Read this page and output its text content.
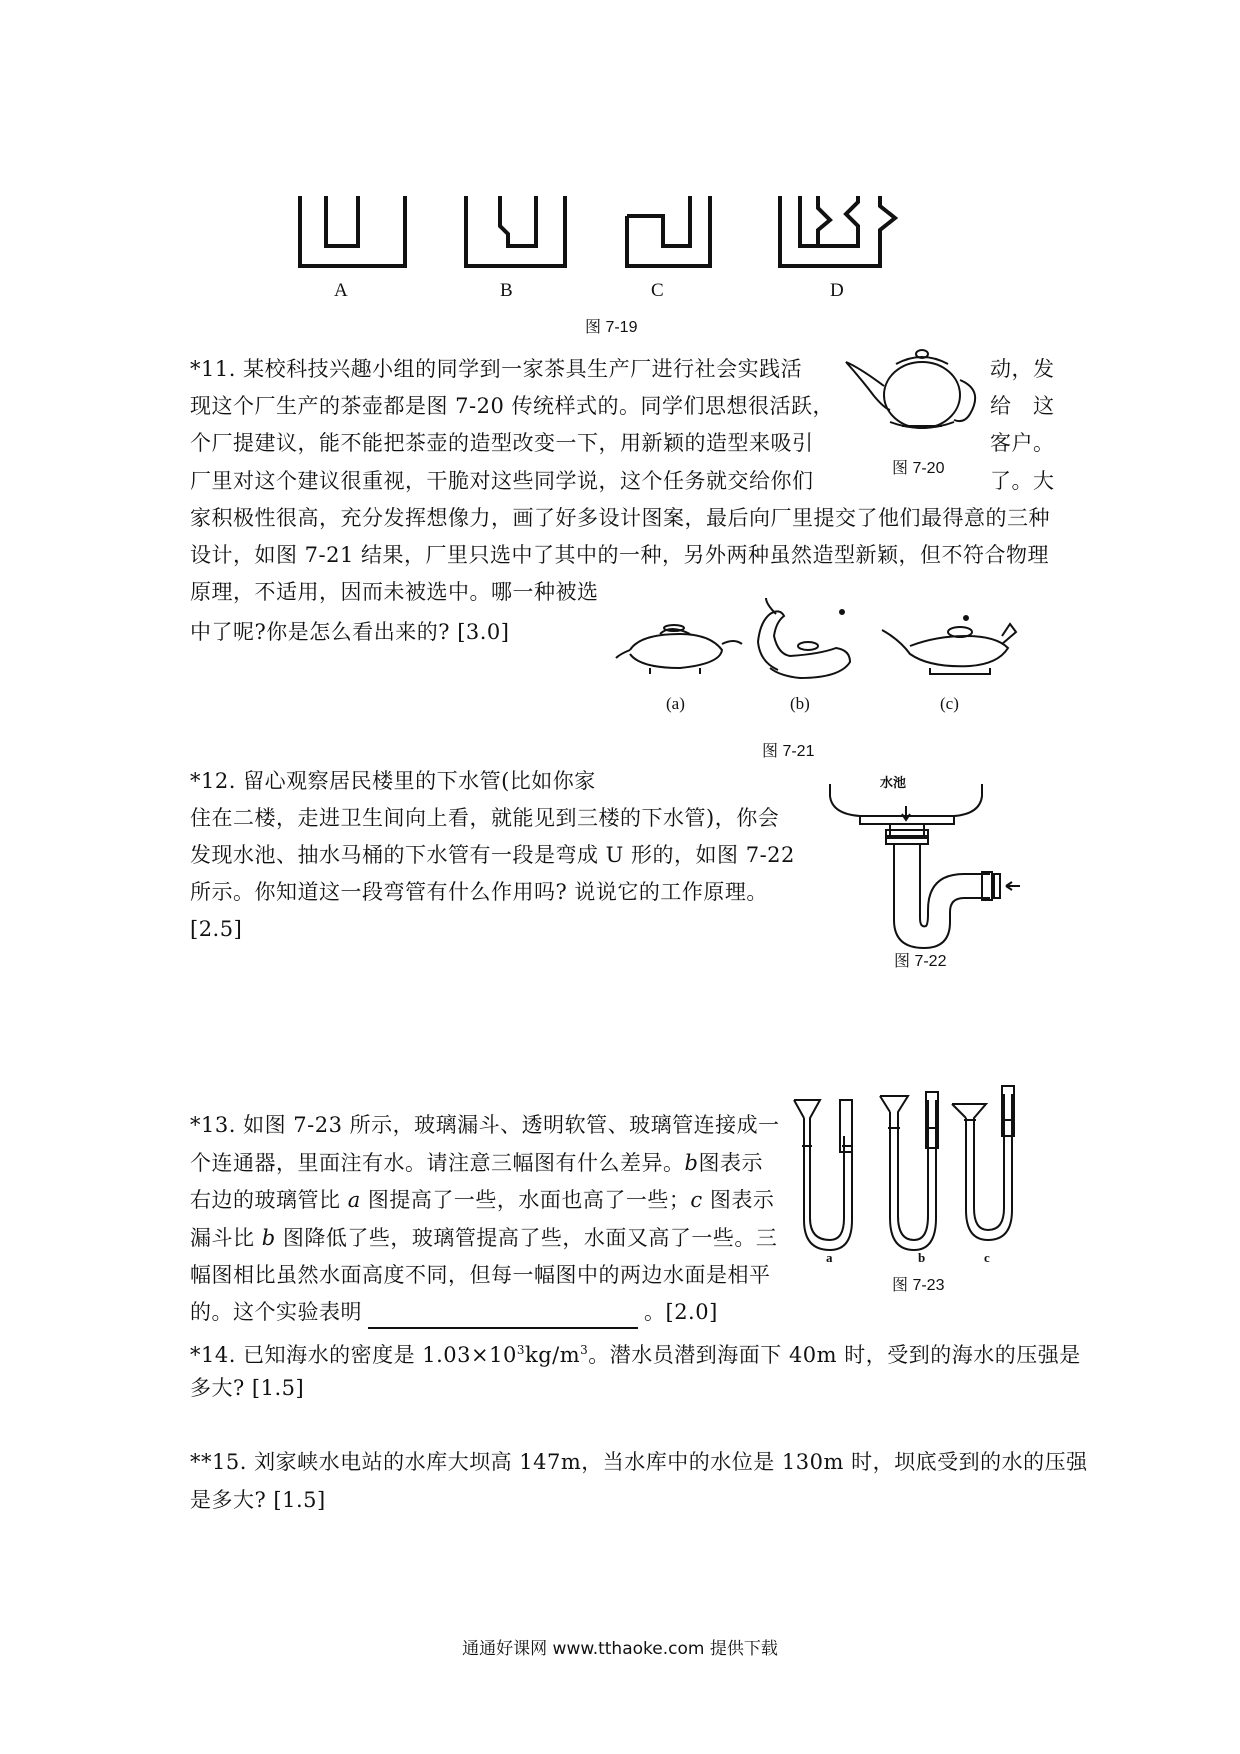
A	B	C	D
图 7-19
*11. 某校科技兴趣小组的同学到一家茶具生产厂进行社会实践活
现这个厂生产的茶壶都是图 7-20 传统样式的。同学们思想很活跃，
个厂提建议，能不能把茶壶的造型改变一下，用新颖的造型来吸引
厂里对这个建议很重视，干脆对这些同学说，这个任务就交给你们
家积极性很高，充分发挥想像力，画了好多设计图案，最后向厂里提交了他们最得意的三种
设计，如图 7-21 结果，厂里只选中了其中的一种，另外两种虽然造型新颖，但不符合物理
原理，不适用，因而未被选中。哪一种被选
中了呢?你是怎么看出来的? [3.0]
动，发
给　这
客户。
了。大
图 7-20
(a)	(b)	(c)
图 7-21
*12. 留心观察居民楼里的下水管(比如你家
住在二楼，走进卫生间向上看，就能见到三楼的下水管)，你会
发现水池、抽水马桶的下水管有一段是弯成 U 形的，如图 7-22
所示。你知道这一段弯管有什么作用吗? 说说它的工作原理。
[2.5]
水池
图 7-22
*13. 如图 7-23 所示，玻璃漏斗、透明软管、玻璃管连接成一
个连通器，里面注有水。请注意三幅图有什么差异。b图表示
右边的玻璃管比 a 图提高了一些，水面也高了一些；c 图表示
漏斗比 b 图降低了些，玻璃管提高了些，水面又高了一些。三
幅图相比虽然水面高度不同，但每一幅图中的两边水面是相平
的。这个实验表明	。[2.0]
a	b	c
图 7-23
*14. 已知海水的密度是 $1.03\times 10^3kg/m^3$。潜水员潜到海面下 40m 时，受到的海水的压强是
多大? [1.5]
**15. 刘家峡水电站的水库大坝高 147m，当水库中的水位是 130m 时，坝底受到的水的压强
是多大? [1.5]
通通好课网 www.tthaoke.com 提供下载
